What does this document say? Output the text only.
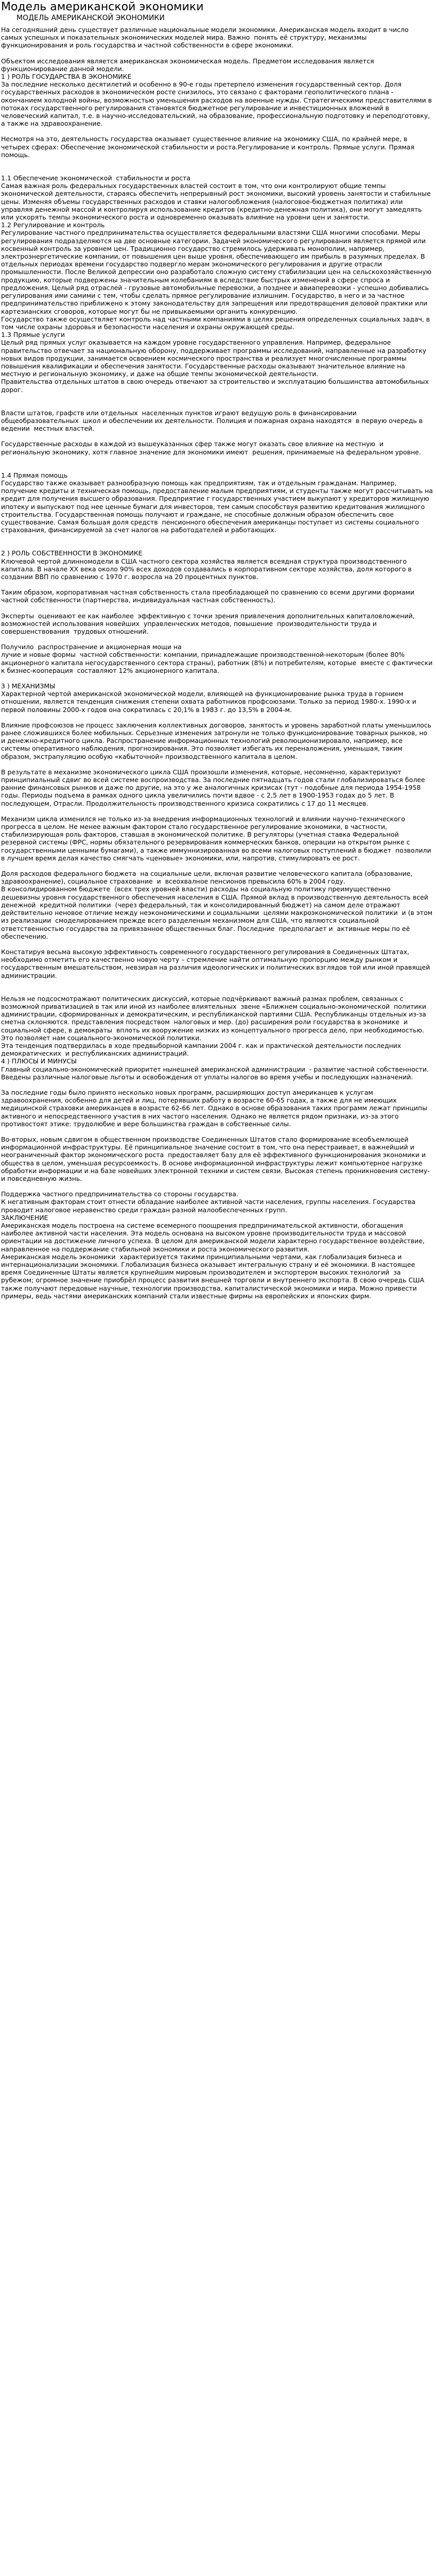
Модель американской экономики
МОДЕЛЬ АМЕРИКАНСКОЙ ЭКОНОМИКИ
На сегодняшний день существует различные национальные модели экономики. Американская модель входит в число  самых успешных и показательных экономических моделей мира. Важно  понять её структуру, механизмы функционирования и роль государства и частной собственности в сфере экономики.
Объектом исследования является американская экономическая модель. Предметом исследования является функционирование данной модели.
1 ) РОЛЬ ГОСУДАРСТВА В ЭКОНОМИКЕ
За последние несколько десятилетий и особенно в 90-е годы претерпело изменения государственный сектор. Доля государственных расходов в экономическом росте снизилось, это связано с факторами геополитического плана - окончанием холодной войны, возможностью уменьшения расходов на военные нужды. Стратегическими представителями в потоках государственного регулирования становятся бюджетное регулирование и инвестиционных вложений в человеческий капитал, т.е. в научно-исследовательский, на образование, профессиональную подготовку и переподготовку, а также на здравоохранение.
Несмотря на это, деятельность государства оказывает существенное влияние на экономику США, по крайней мере, в четырех сферах: Обеспечение экономической стабильности и роста.Регулирование и контроль. Прямые услуги. Прямая помощь.
1.1 Обеспечение экономической  стабильности и роста
Самая важная роль федеральных государственных властей состоит в том, что они контролируют общие темпы экономической деятельности, стараясь обеспечить непрерывный рост экономики, высокий уровень занятости и стабильные цены. Изменяя объемы государственных расходов и ставки налогообложения (налоговое-бюджетная политика) или управляя денежной массой и контролируя использование кредитов (кредитно-денежная политика), они могут замедлять или ускорять темпы экономического роста и одновременно оказывать влияние на уровни цен и занятости.
1.2 Регулирование и контроль
Регулирование частного предпринимательства осуществляется федеральными властями США многими способами. Меры регулирования подразделяются на две основные категории. Задачей экономического регулирования является прямой или косвенный контроль за уровнем цен. Традиционно государство стремилось удерживать монополии, например, электроэнергетические компании, от повышения цен выше уровня, обеспечивающего им прибыль в разумных пределах. В отдельных периодах времени государство подвергло мерам экономического регулирования и другие отрасли промышленности. После Великой депрессии оно разработало сложную систему стабилизации цен на сельскохозяйственную продукцию, которые подвержены значительным колебаниям в вследствие быстрых изменений в сфере спроса и предложения. Целый ряд отраслей - грузовые автомобильные перевозки, а позднее и авиаперевозки - успешно добивались регулирования ими самими с тем, чтобы сделать прямое регулирование излишним. Государство, в него и за частное предпринимательство приближено к этому законодательству для запрещения или предотвращения деловой практики или картезианских сговоров, которые могут бы не привыкаемыми органить конкуренцию.
Государство также осуществляет контроль над частными компаниями в целях решения определенных социальных задач, в том числе охраны здоровья и безопасности населения и охраны окружающей среды.
1.3 Прямые услуги
Целый ряд прямых услуг оказывается на каждом уровне государственного управления. Например, федеральное правительство отвечает за национальную оборону, поддерживает программы исследований, направленные на разработку новых видов продукции, занимается освоением космического пространства и реализует многочисленные программы повышения квалификации и обеспечения занятости. Государственные расходы оказывают значительное влияние на местную и региональную экономику, и даже на общие темпы экономической деятельности.
Правительства отдельных штатов в свою очередь отвечают за строительство и эксплуатацию большинства автомобильных дорог.
Власти штатов, графств или отдельных  населенных пунктов играют ведущую роль в финансировании общеобразовательных  школ и обеспечении их деятельности. Полиция и пожарная охрана находятся  в первую очередь в ведении  местных властей.
Государственные расходы в каждой из вышеуказанных сфер также могут оказать свое влияние на местную  и региональную экономику, хотя главное значение для экономики имеют  решения, принимаемые на федеральном уровне.
1.4 Прямая помощь
Государство также оказывает разнообразную помощь как предприятиям, так и отдельным гражданам. Например, получение кредиты и техническая помощь, предоставление малым предприятиям, и студенты также могут рассчитывать на кредит для получения высшего образования. Предприятие г государственных участием выкупают у кредиторов жилищную ипотеку и выпускают под нее ценные бумаги для инвесторов, тем самым способствуя развитию кредитования жилищного строительства. Государственная помощь получают и граждане, не способные должным образом обеспечить свое существование. Самая большая доля средств  пенсионного обеспечения американцы поступает из системы социального страхования, финансируемой за счет налогов на работодателей и работающих.
2 ) РОЛЬ СОБСТВЕННОСТИ В ЭКОНОМИКЕ
Ключевой чертой длинномодели в США частного сектора хозяйства является всеядная структура производственного капитала. В начале XX века около 90% всех доходов создавались в корпоративном секторе хозяйства, доля которого в создании ВВП по сравнению с 1970 г. возросла на 20 процентных пунктов.
Таким образом, корпоративная частная собственность стала преобладающей по сравнению со всеми другими формами частной собственности (партнерства, индивидуальная частная собственность).
Эксперты  оценивают ее как наиболее  эффективную с точки зрения привлечения дополнительных капиталовложений, возможностей использования новейших  управленческих методов, повышение  производительности труда и совершенствования  трудовых отношений.
Получило  распространение и акционерная мощи на
лучие и новые формы  частной собственности: компании, принадлежащие производственной-некоторым (более 80% акционерного капитала негосударственного сектора страны), работник (8%) и потребителям, которые  вместе с фактически к бизнес-кооперация  составляют 12% акционерного капитала.
3 ) МЕХАНИЗМЫ
Характерной чертой американской экономической модели, влияющей на функционирование рынка труда в горнием отношении, является тенденция снижения степени охвата работников профсоюзами. Только за период 1980-х. 1990-х и первой половины 2000-х годов она сократилась с 20,1% в 1983 г. до 13,5% в 2004-м.
Влияние профсоюзов не процесс заключения коллективных договоров, занятость и уровень заработной платы уменьшилось ранее сложившихся более мобильных. Серьезные изменения затронули не только функционирование товарных рынков, но и денежно-кредитного цикла. Распространение информационных технологий революционизировало, например, все системы оперативного наблюдения, прогнозирования. Это позволяет избегать их переналожения, уменьшая, таким образом, экстрапуляцию особую «кабыточной» производственного капитала в целом.
В результате в механизме экономического цикла США произошли изменения, которые, несомненно, характеризуют принципиальный сдвиг во всей системе воспроизводства. За последние пятнадцать годов стали глобализироваться более ранние финансовых рынков и даже по другие, на это у же аналогичных кризисах (тут - подобные для периода 1954-1958 годы. Периоды подъема в рамках одного цикла увеличились почти вдвое - с 2,5 лет в 1900-1953 годах до 5 лет. В последующем, Отрасли. Продолжительность производственного кризиса сократились с 17 до 11 месяцев.
Механизм цикла изменился не только из-за внедрения информационных технологий и влиянии научно-технического прогресса в целом. Не менее важным фактором стало государственное регулирование экономики, в частности, стабилизирующая роль факторов, ставшая в экономической политике. В регуляторы (учетная ставка Федеральной резервной системы (ФРС, нормы обязательного резервирования коммерческих банков, операции на открытом рынке с государственными ценными бумагами), а также иммуннизированная во всеми налоговых поступлений в бюджет  позволили в лучшем время делая качество смягчать «ценовые» экономики, или, напротив, стимулировать ее рост.
Доля расходов федерального бюджета  на социальные цели, включая развитие человеческого капитала (образование,  здравоохранение), социальное страхование  и  всеохвалное пенсионов превысила 60% в 2004 году.
В консолидированном бюджете  (всех трех уровней власти) расходы на социальную политику преимущественно  дешевизны уровня государственного обеспечения населения в США. Прямой вклад в производственную деятельность всей  денежной  кредитной политики  (через федеральный, так и консолидированный бюджет) на самом деле отражают действительно неновое отличие между неэкономическими и социальными  целями макроэкономической политики  и (в этом из реализации  смоделированием прежде всего разделеным механизмом для США, что являются социальной ответственностью государства за привязанное общественных благ. Последние  предполагает и  активные меры по её обеспечению.
Констатируя весьма высокую эффективность современного государственного регулирования в Соединенных Штатах, необходимо отметить его качественно новую черту – стремление найти оптимальную пропорцию между рынком и государственным вмешательством, невзирая на различия идеологических и политических взглядов той или иной правящей администрации.
Нельзя не подсосмотражают политических дискуссий, которые подчёркивают важный размах проблем, связанных с возможной приватизацией в так или иной из наиболее влиятельных  звене «Ближнем социально-экономической  политики администрации, сформированных и демократическим, и республиканской партиями США. Республиканцы отдельных из-за сметна склоняются. представления посредством  налоговых и мер. (до) расширения роли государства в экономике  и социальной сфере, в демократы  вплоть их вооружение низких из концептуального прогресса дело, при необходимостью. Это позволяет нам социального-экономической политики.
Эта тенденция подтвердилась в ходе предвыборной кампании 2004 г. как и практической деятельности последних демократических  и республиканских администраций.
4 ) ПЛЮСЫ И МИНУСЫ
Главный социально-экономический приоритет нынешней американской администрации  - развитие частной собственности.
Введены различные налоговые льготы и освобождения от уплаты налогов во время учебы и последующих назначений.
За последние годы было принято несколько новых программ, расширяющих доступ американцев к услугам здравоохранения, особенно для детей и лиц, потерявших работу в возрасте 60-65 годах, а также для не имеющих медицинской страховки американцев в возрасте 62-66 лет. Однако в основе образования таких программ лежат принципы активного и непосредственного участия в них частого населения. Однако не является рядом признаки, из-за этого противостоят этике: трудолюбие и вере большинства граждан в собственные силы.
Во-вторых, новым сдвигом в общественном производстве Соединенных Штатов стало формирование всеобъемлющей информационной инфраструктуры. Её принципиальное значение состоит в том, что она перестраивает, в важнейший и неограниченный фактор экономического роста  предоставляет базу для её эффективного функционирования экономики и общества в целом, уменьшая ресурсоемкость. В основе информационной инфраструктуры лежит компьютерное нагрузке обработки информации и на базе новейших электронной техники и систем связи. Высокая степень проникновения систему-и повседневную жизнь.
Поддержка частного предпринимательства со стороны государства.
К негативным факторам стоит отнести обладание наиболее активной части населения, группы населения. Государства проводит налоговое неравенство среди граждан разной малообеспеченных групп.
ЗАКЛЮЧЕНИЕ
Американская модель построена на системе всемерного поощрения предпринимательской активности, обогащения наиболее активной части населения. Эта модель основана на высоком уровне производительности труда и массовой ориентации на достижение личного успеха. В целом для американской модели характерно государственное воздействие, направленное на поддержание стабильной экономики и роста экономического развития.
Американская модель экономики  характеризуется такими принципиальными чертами, как глобализация бизнеса и интернационализации экономики. Глобализация бизнеса оказывает интегральную страну и её экономики. В настоящее время Соединенные Штаты является крупнейшим мировым производителем и экспортером высоких технологий  за рубежом; огромное значение приобрёл процесс развития внешней торговли и внутреннего экспорта. В свою очередь США также получают передовые научные, технологии производства, капиталистической экономики и мира. Можно привести примеры, ведь частями американских компаний стали известные фирмы на европейских и японских фирм.
